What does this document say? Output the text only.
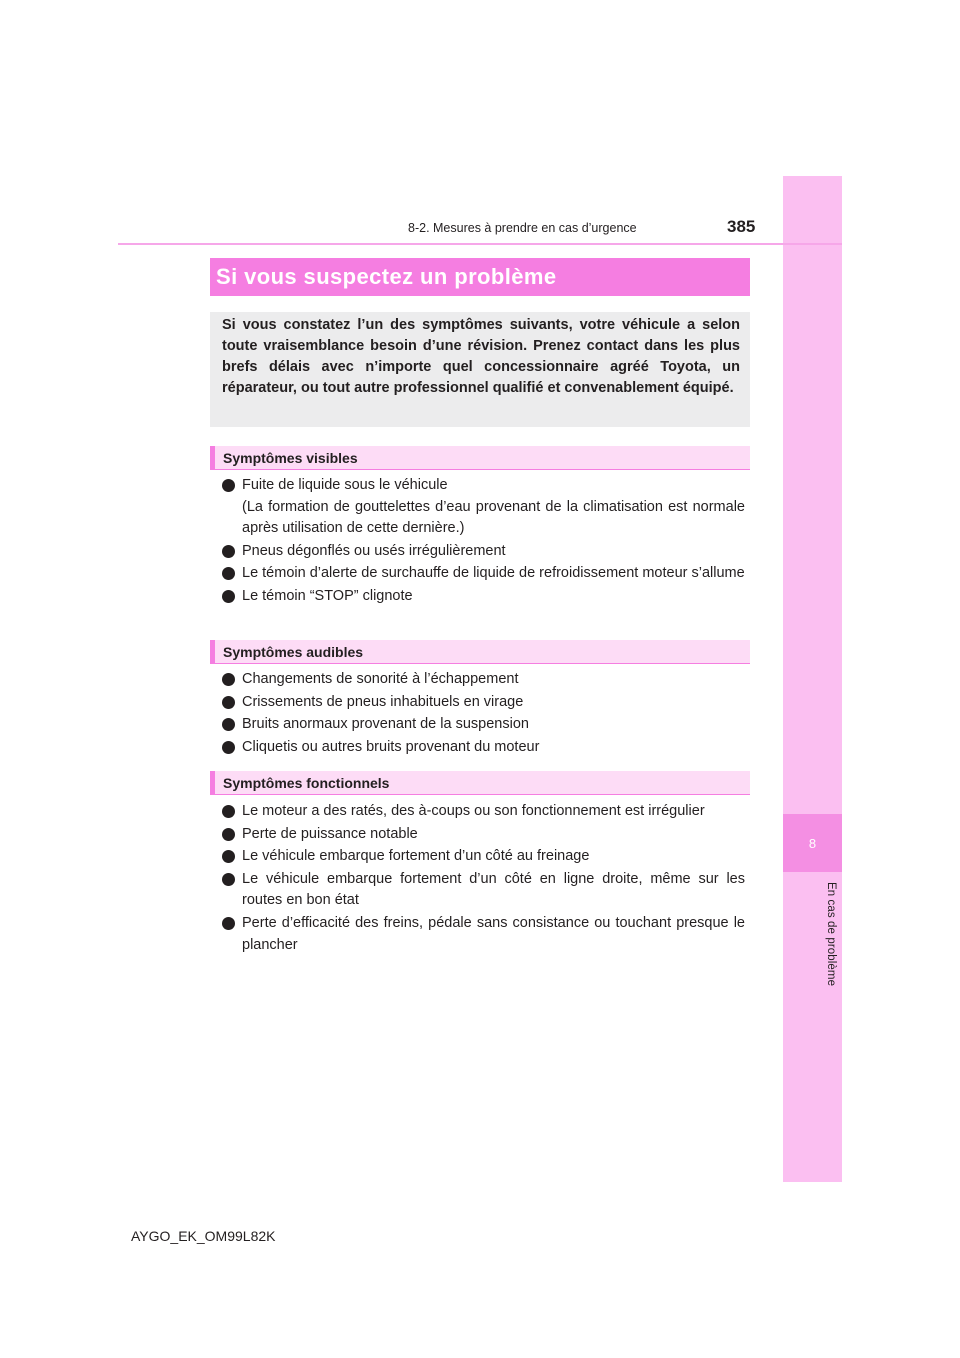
8
En cas de problème
8-2. Mesures à prendre en cas d’urgence	385
Si vous suspectez un problème
Si vous constatez l’un des symptômes suivants, votre véhicule a selon toute vraisemblance besoin d’une révision. Prenez contact dans les plus brefs délais avec n’importe quel concessionnaire agréé Toyota, un réparateur, ou tout autre professionnel qualifié et convenablement équipé.
Symptômes visibles
Fuite de liquide sous le véhicule
(La formation de gouttelettes d’eau provenant de la climatisation est normale après utilisation de cette dernière.)
Pneus dégonflés ou usés irrégulièrement
Le témoin d’alerte de surchauffe de liquide de refroidissement moteur s’allume
Le témoin “STOP” clignote
Symptômes audibles
Changements de sonorité à l’échappement
Crissements de pneus inhabituels en virage
Bruits anormaux provenant de la suspension
Cliquetis ou autres bruits provenant du moteur
Symptômes fonctionnels
Le moteur a des ratés, des à-coups ou son fonctionnement est irrégulier
Perte de puissance notable
Le véhicule embarque fortement d’un côté au freinage
Le véhicule embarque fortement d’un côté en ligne droite, même sur les routes en bon état
Perte d’efficacité des freins, pédale sans consistance ou touchant presque le plancher
AYGO_EK_OM99L82K
